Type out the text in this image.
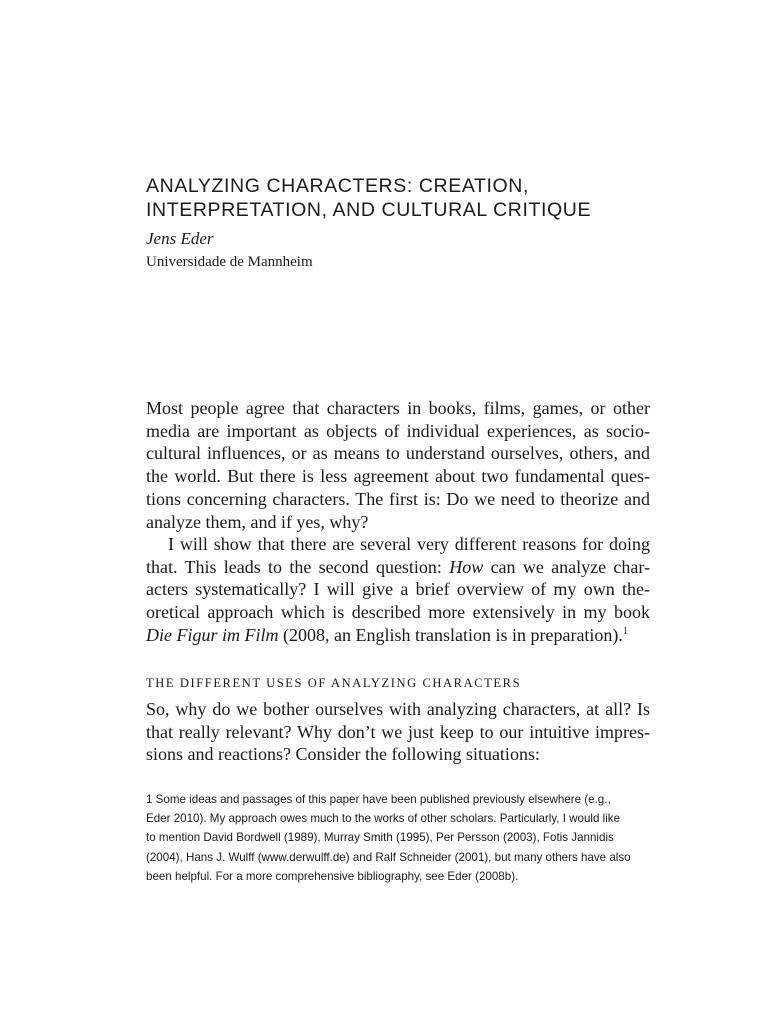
ANALYZING CHARACTERS: CREATION,
INTERPRETATION, AND CULTURAL CRITIQUE

Jens Eder

Universidade de Mannheim

Most people agree that characters in books, films, games, or other
media are important as objects of individual experiences, as socio-
cultural influences, or as means to understand ourselves, others, and
the world. But there is less agreement about two fundamental ques-
tions concerning characters. The first is: Do we need to theorize and
analyze them, and if yes, why?
I will show that there are several very different reasons for doing
that. This leads to the second question: How can we analyze char-
acters systematically? I will give a brief overview of my own the-
oretical approach which is described more extensively in my book
Die Figur im Film (2008, an English translation is in preparation).$^1$
THE DIFFERENT USES OF ANALYZING CHARACTERS
So, why do we bother ourselves with analyzing characters, at all? Is
that really relevant? Why don’t we just keep to our intuitive impres-
sions and reactions? Consider the following situations:
1 Some ideas and passages of this paper have been published previously elsewhere (e.g.,
Eder 2010). My approach owes much to the works of other scholars. Particularly, I would like
to mention David Bordwell (1989), Murray Smith (1995), Per Persson (2003), Fotis Jannidis
(2004), Hans J. Wulff (www.derwulff.de) and Ralf Schneider (2001), but many others have also
been helpful. For a more comprehensive bibliography, see Eder (2008b).
